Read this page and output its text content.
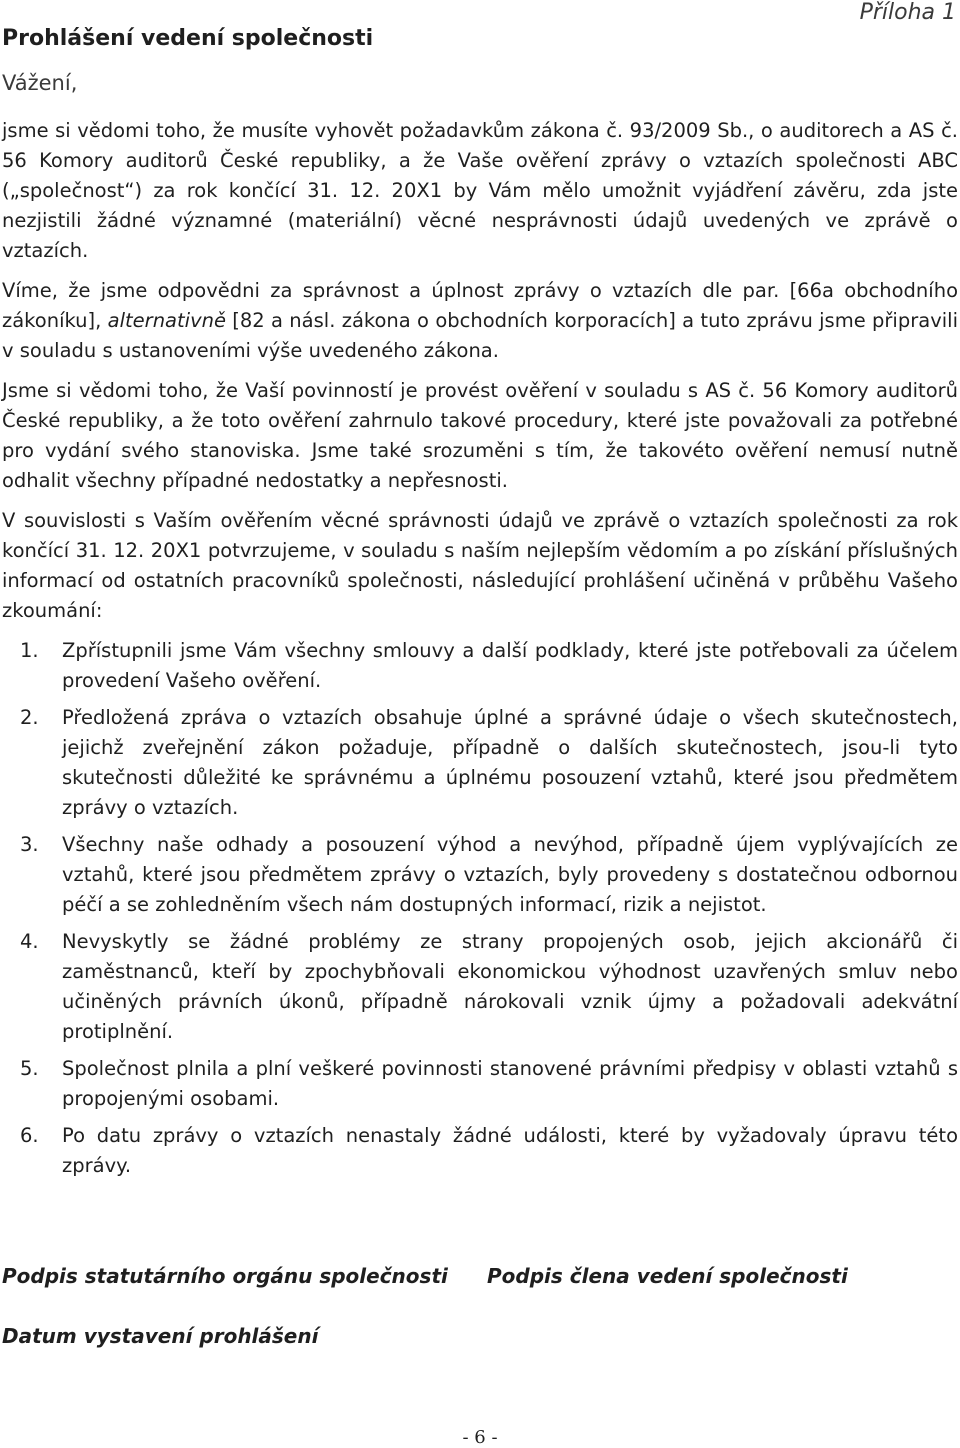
Příloha 1
Prohlášení vedení společnosti
Vážení,

jsme si vědomi toho, že musíte vyhovět požadavkům zákona č. 93/2009 Sb., o auditorech a AS č. 56 Komory auditorů České republiky, a že Vaše ověření zprávy o vztazích společnosti ABC („společnost“) za rok končící 31. 12. 20X1 by Vám mělo umožnit vyjádření závěru, zda jste nezjistili žádné významné (materiální) věcné nesprávnosti údajů uvedených ve zprávě o vztazích.

Víme, že jsme odpovědni za správnost a úplnost zprávy o vztazích dle par. [66a obchodního zákoníku], alternativně [82 a násl. zákona o obchodních korporacích] a tuto zprávu jsme připravili v souladu s ustanoveními výše uvedeného zákona.

Jsme si vědomi toho, že Vaší povinností je provést ověření v souladu s AS č. 56 Komory auditorů České republiky, a že toto ověření zahrnulo takové procedury, které jste považovali za potřebné pro vydání svého stanoviska. Jsme také srozuměni s tím, že takovéto ověření nemusí nutně odhalit všechny případné nedostatky a nepřesnosti.

V souvislosti s Vaším ověřením věcné správnosti údajů ve zprávě o vztazích společnosti za rok končící 31. 12. 20X1 potvrzujeme, v souladu s naším nejlepším vědomím a po získání příslušných informací od ostatních pracovníků společnosti, následující prohlášení učiněná v průběhu Vašeho zkoumání:

1.	Zpřístupnili jsme Vám všechny smlouvy a další podklady, které jste potřebovali za účelem provedení Vašeho ověření.
2.	Předložená zpráva o vztazích obsahuje úplné a správné údaje o všech skutečnostech, jejichž zveřejnění zákon požaduje, případně o dalších skutečnostech, jsou-li tyto skutečnosti důležité ke správnému a úplnému posouzení vztahů, které jsou předmětem zprávy o vztazích.
3.	Všechny naše odhady a posouzení výhod a nevýhod, případně újem vyplývajících ze vztahů, které jsou předmětem zprávy o vztazích, byly provedeny s dostatečnou odbornou péčí a se zohledněním všech nám dostupných informací, rizik a nejistot.
4.	Nevyskytly se žádné problémy ze strany propojených osob, jejich akcionářů či zaměstnanců, kteří by zpochybňovali ekonomickou výhodnost uzavřených smluv nebo učiněných právních úkonů, případně nárokovali vznik újmy a požadovali adekvátní protiplnění.
5.	Společnost plnila a plní veškeré povinnosti stanovené právními předpisy v oblasti vztahů s propojenými osobami.
6.	Po datu zprávy o vztazích nenastaly žádné události, které by vyžadovaly úpravu této zprávy.
Podpis statutárního orgánu společnosti Podpis člena vedení společnosti
Datum vystavení prohlášení
- 6 -
